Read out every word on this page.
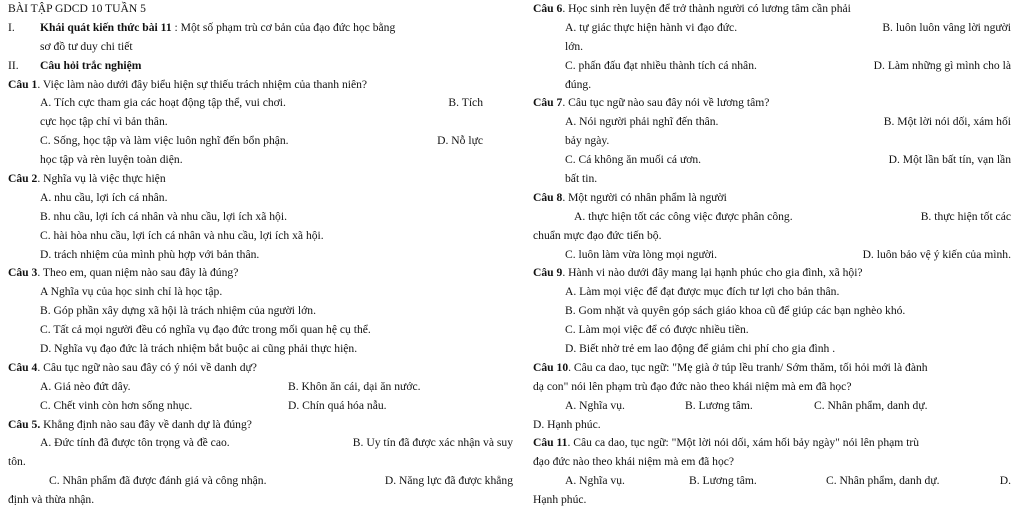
BÀI TẬP GDCD 10 TUẦN 5
I. Khái quát kiến thức bài 11 : Một số phạm trù cơ bản của đạo đức học bằng
sơ đồ tư duy chi tiết
II. Câu hỏi trắc nghiệm
Câu 1. Việc làm nào dưới đây biểu hiện sự thiếu trách nhiệm của thanh niên?
A. Tích cực tham gia các hoạt động tập thể, vui chơi.	B. Tích
cực học tập chỉ vì bản thân.
C. Sống, học tập và làm việc luôn nghĩ đến bổn phận.	D. Nỗ lực
học tập và rèn luyện toàn diện.
Câu 2. Nghĩa vụ là việc thực hiện
A. nhu cầu, lợi ích cá nhân.
B. nhu cầu, lợi ích cá nhân và nhu cầu, lợi ích xã hội.
C. hài hòa nhu cầu, lợi ích cá nhân và nhu cầu, lợi ích xã hội.
D. trách nhiệm của mình phù hợp với bản thân.
Câu 3. Theo em, quan niệm nào sau đây là đúng?
A Nghĩa vụ của học sinh chỉ là học tập.
B. Góp phần xây dựng xã hội là trách nhiệm của người lớn.
C. Tất cả mọi người đều có nghĩa vụ đạo đức trong mối quan hệ cụ thể.
D. Nghĩa vụ đạo đức là trách nhiệm bắt buộc ai cũng phải thực hiện.
Câu 4. Câu tục ngữ nào sau đây có ý nói về danh dự?
A. Giá nèo đứt dây.	B. Khôn ăn cái, dại ăn nước.
C. Chết vinh còn hơn sống nhục.	D. Chín quá hóa nẫu.
Câu 5. Khẳng định nào sau đây về danh dự là đúng?
A. Đức tính đã được tôn trọng và đề cao.	B. Uy tín đã được xác nhận và suy
tôn.
C. Nhân phẩm đã được đánh giá và công nhận.	D. Năng lực đã được khẳng
định và thừa nhận.
Câu 6. Học sinh rèn luyện để trở thành người có lương tâm cần phải
A. tự giác thực hiện hành vi đạo đức.	B. luôn luôn vâng lời người
lớn.
C. phấn đấu đạt nhiều thành tích cá nhân.	D. Làm những gì mình cho là
đúng.
Câu 7. Câu tục ngữ nào sau đây nói về lương tâm?
A. Nói người phải nghĩ đến thân.	B. Một lời nói dối, xám hối
bảy ngày.
C. Cá không ăn muối cá ươn.	D. Một lần bất tín, vạn lần
bất tin.
Câu 8. Một người có nhân phẩm là người
A. thực hiện tốt các công việc được phân công.	B. thực hiện tốt các
chuẩn mực đạo đức tiến bộ.
C. luôn làm vừa lòng mọi người.	D. luôn bảo vệ ý kiến của mình.
Câu 9. Hành vi nào dưới đây mang lại hạnh phúc cho gia đình, xã hội?
A. Làm mọi việc để đạt được mục đích tư lợi cho bản thân.
B. Gom nhặt và quyên góp sách giáo khoa cũ để giúp các bạn nghèo khó.
C. Làm mọi việc để có được nhiều tiền.
D. Biết nhờ trẻ em lao động để giảm chi phí cho gia đình .
Câu 10. Câu ca dao, tục ngữ: "Mẹ già ở túp lều tranh/ Sớm thăm, tối hỏi mới là đành
dạ con" nói lên phạm trù đạo đức nào theo khái niệm mà em đã học?
A. Nghĩa vụ.	B. Lương tâm.	C. Nhân phẩm, danh dự.
D. Hạnh phúc.
Câu 11. Câu ca dao, tục ngữ: "Một lời nói dối, xám hối bảy ngày" nói lên phạm trù
đạo đức nào theo khái niệm mà em đã học?
A. Nghĩa vụ.	B. Lương tâm.	C. Nhân phẩm, danh dự.	D.
Hạnh phúc.
